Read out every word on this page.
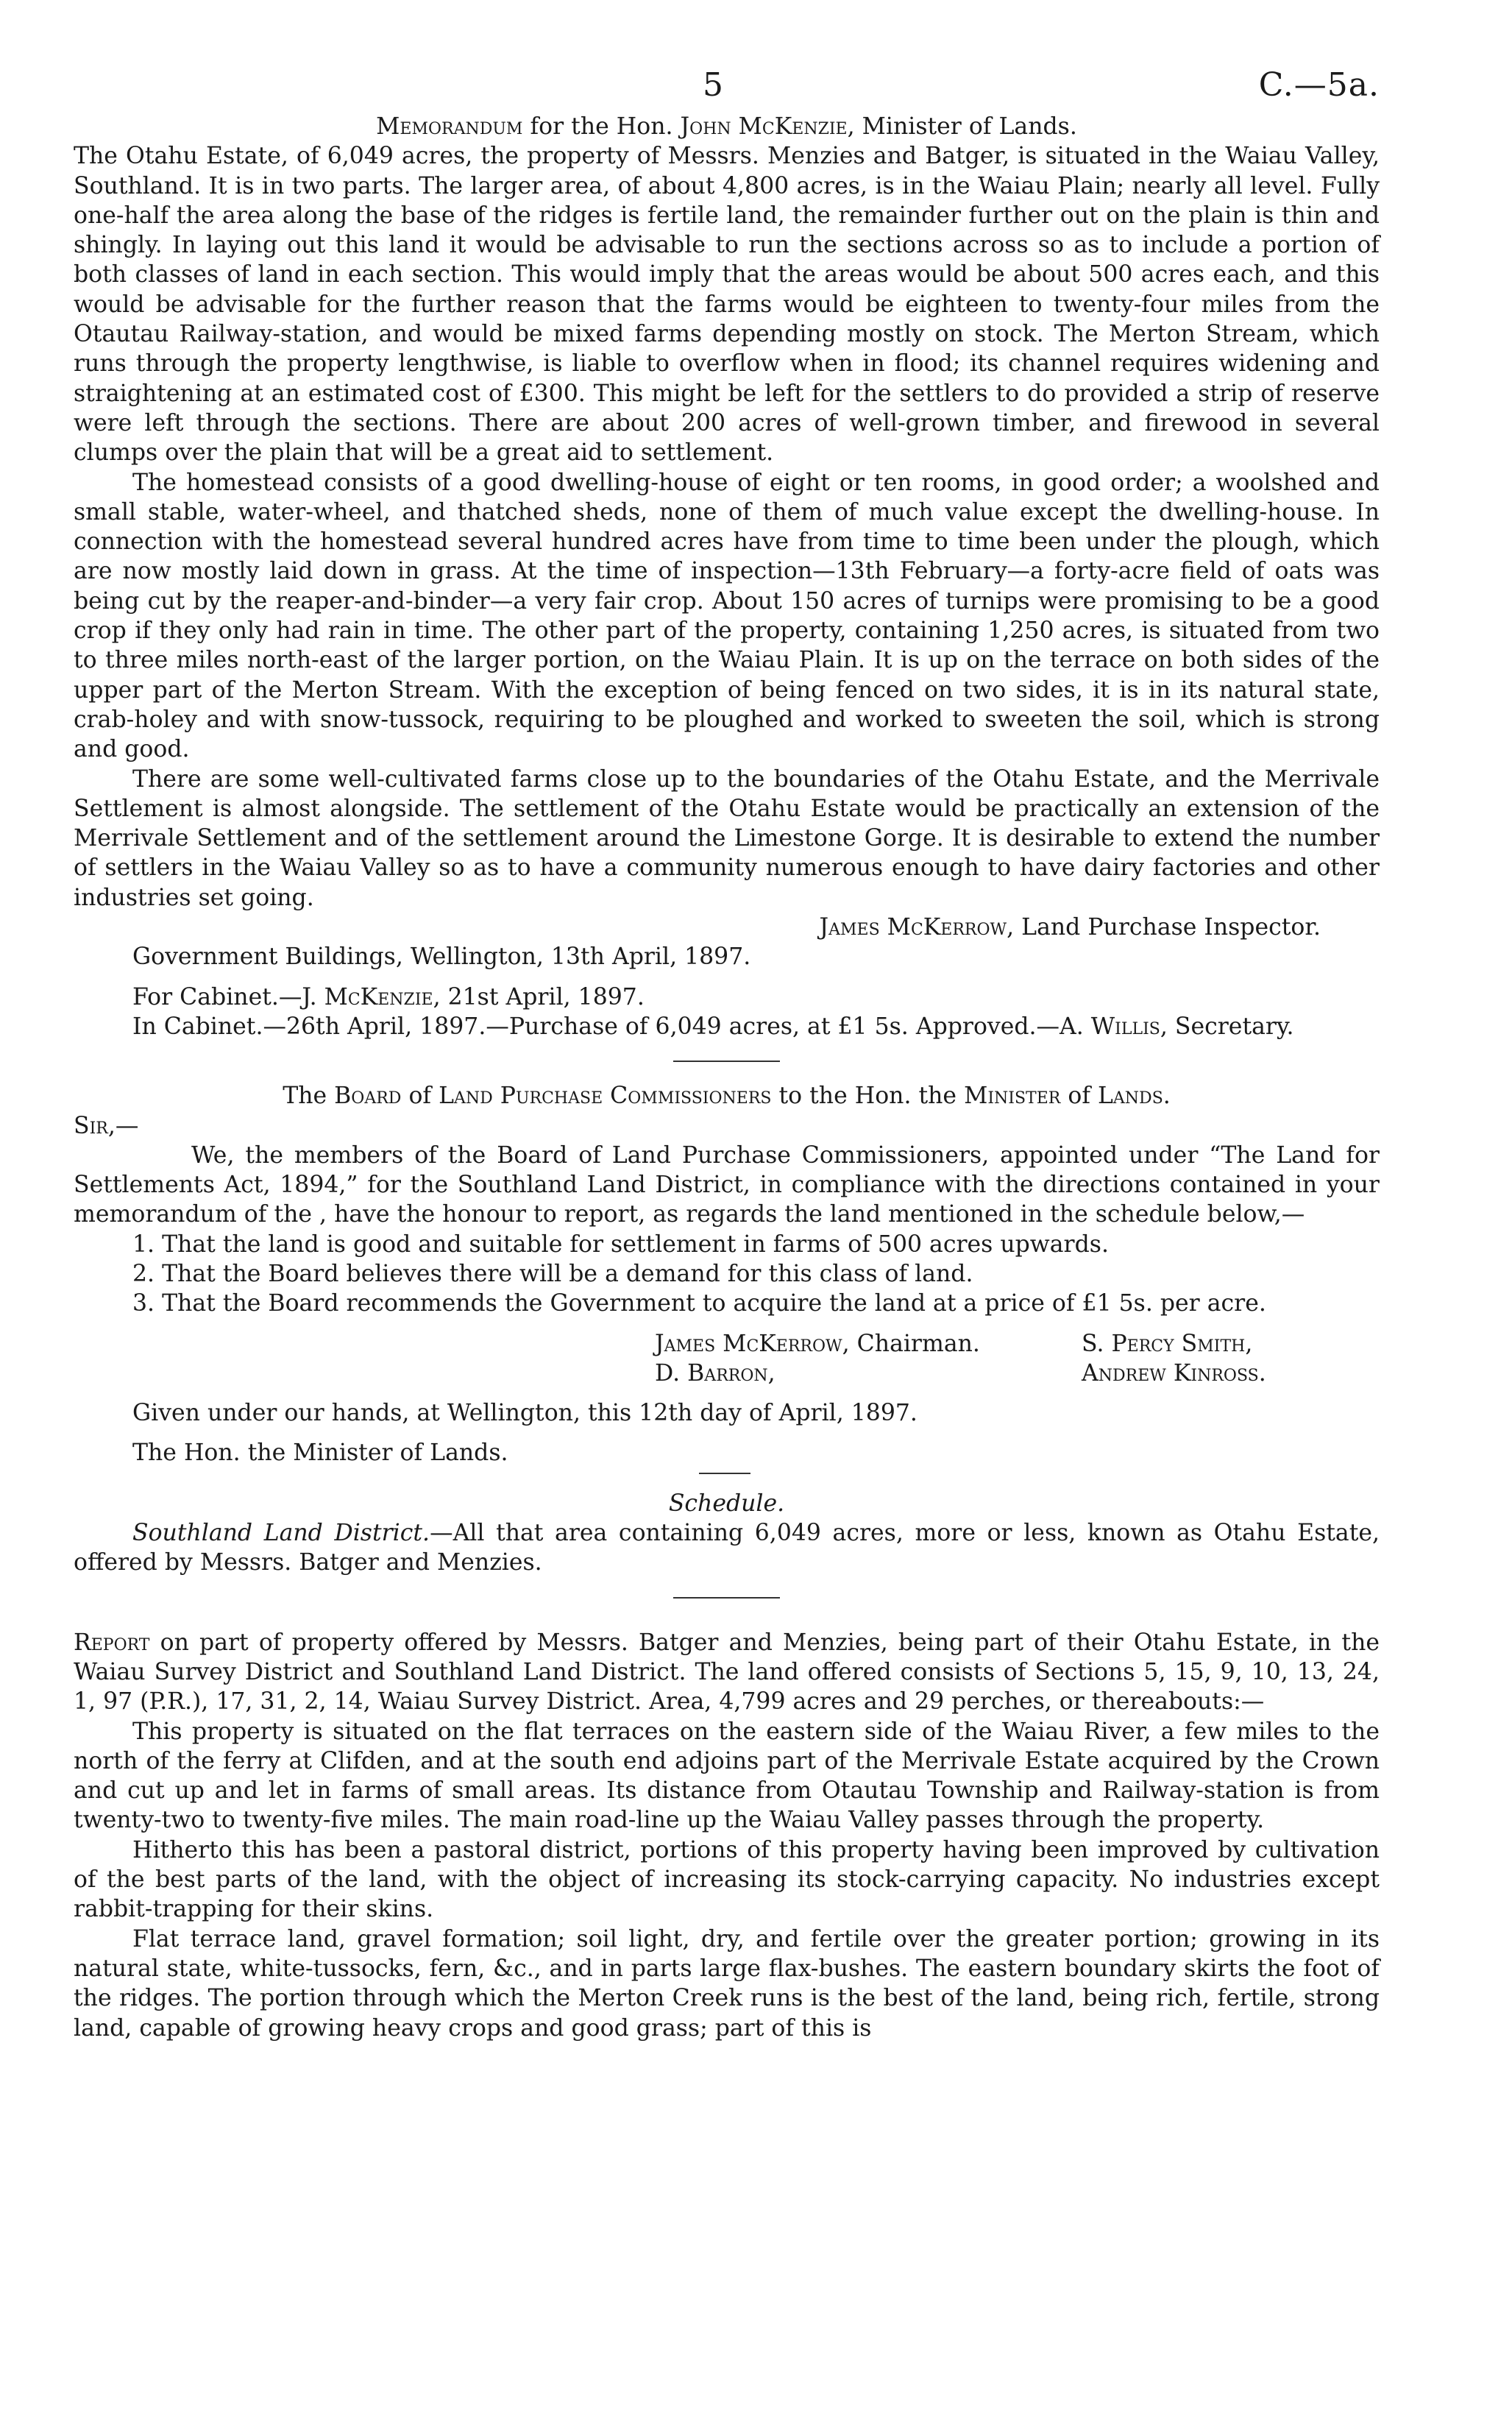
5	C.—5a.

Memorandum for the Hon. John McKenzie, Minister of Lands.

The Otahu Estate, of 6,049 acres, the property of Messrs. Menzies and Batger, is situated in the Waiau Valley, Southland. It is in two parts. The larger area, of about 4,800 acres, is in the Waiau Plain; nearly all level. Fully one-half the area along the base of the ridges is fertile land, the remainder further out on the plain is thin and shingly. In laying out this land it would be advisable to run the sections across so as to include a portion of both classes of land in each section. This would imply that the areas would be about 500 acres each, and this would be advisable for the further reason that the farms would be eighteen to twenty-four miles from the Otautau Railway-station, and would be mixed farms depending mostly on stock. The Merton Stream, which runs through the property lengthwise, is liable to overflow when in flood; its channel requires widening and straightening at an estimated cost of £300. This might be left for the settlers to do provided a strip of reserve were left through the sections. There are about 200 acres of well-grown timber, and firewood in several clumps over the plain that will be a great aid to settlement.

The homestead consists of a good dwelling-house of eight or ten rooms, in good order; a woolshed and small stable, water-wheel, and thatched sheds, none of them of much value except the dwelling-house. In connection with the homestead several hundred acres have from time to time been under the plough, which are now mostly laid down in grass. At the time of inspection—13th February—a forty-acre field of oats was being cut by the reaper-and-binder—a very fair crop. About 150 acres of turnips were promising to be a good crop if they only had rain in time. The other part of the property, containing 1,250 acres, is situated from two to three miles north-east of the larger portion, on the Waiau Plain. It is up on the terrace on both sides of the upper part of the Merton Stream. With the exception of being fenced on two sides, it is in its natural state, crab-holey and with snow-tussock, requiring to be ploughed and worked to sweeten the soil, which is strong and good.

There are some well-cultivated farms close up to the boundaries of the Otahu Estate, and the Merrivale Settlement is almost alongside. The settlement of the Otahu Estate would be practically an extension of the Merrivale Settlement and of the settlement around the Limestone Gorge. It is desirable to extend the number of settlers in the Waiau Valley so as to have a community numerous enough to have dairy factories and other industries set going.

James McKerrow, Land Purchase Inspector.

Government Buildings, Wellington, 13th April, 1897.

For Cabinet.—J. McKenzie, 21st April, 1897.

In Cabinet.—26th April, 1897.—Purchase of 6,049 acres, at £1 5s. Approved.—A. Willis, Secretary.

The Board of Land Purchase Commissioners to the Hon. the Minister of Lands.

Sir,—

We, the members of the Board of Land Purchase Commissioners, appointed under “The Land for Settlements Act, 1894,” for the Southland Land District, in compliance with the directions contained in your memorandum of the , have the honour to report, as regards the land mentioned in the schedule below,—

1. That the land is good and suitable for settlement in farms of 500 acres upwards.

2. That the Board believes there will be a demand for this class of land.

3. That the Board recommends the Government to acquire the land at a price of £1 5s. per acre.

James McKerrow, Chairman.	S. Percy Smith,
D. Barron,	Andrew Kinross.

Given under our hands, at Wellington, this 12th day of April, 1897.

The Hon. the Minister of Lands.

Schedule.

Southland Land District.—All that area containing 6,049 acres, more or less, known as Otahu Estate, offered by Messrs. Batger and Menzies.

Report on part of property offered by Messrs. Batger and Menzies, being part of their Otahu Estate, in the Waiau Survey District and Southland Land District. The land offered consists of Sections 5, 15, 9, 10, 13, 24, 1, 97 (P.R.), 17, 31, 2, 14, Waiau Survey District. Area, 4,799 acres and 29 perches, or thereabouts:—

This property is situated on the flat terraces on the eastern side of the Waiau River, a few miles to the north of the ferry at Clifden, and at the south end adjoins part of the Merrivale Estate acquired by the Crown and cut up and let in farms of small areas. Its distance from Otautau Township and Railway-station is from twenty-two to twenty-five miles. The main road-line up the Waiau Valley passes through the property.

Hitherto this has been a pastoral district, portions of this property having been improved by cultivation of the best parts of the land, with the object of increasing its stock-carrying capacity. No industries except rabbit-trapping for their skins.

Flat terrace land, gravel formation; soil light, dry, and fertile over the greater portion; growing in its natural state, white-tussocks, fern, &c., and in parts large flax-bushes. The eastern boundary skirts the foot of the ridges. The portion through which the Merton Creek runs is the best of the land, being rich, fertile, strong land, capable of growing heavy crops and good grass; part of this is
